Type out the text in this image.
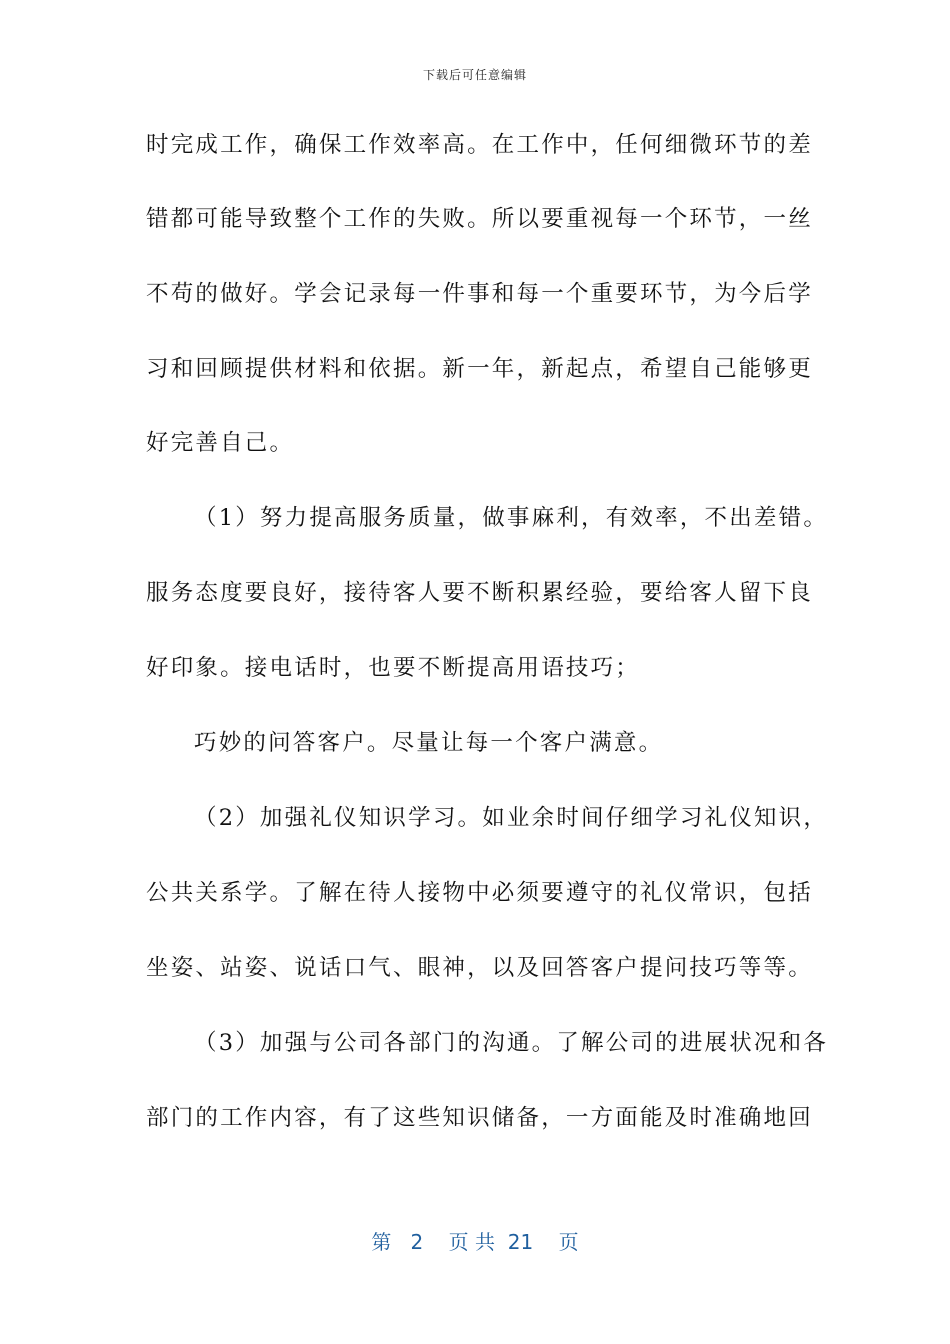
下载后可任意编辑
时完成工作，确保工作效率高。在工作中，任何细微环节的差
错都可能导致整个工作的失败。所以要重视每一个环节，一丝
不苟的做好。学会记录每一件事和每一个重要环节，为今后学
习和回顾提供材料和依据。新一年，新起点，希望自己能够更
好完善自己。
（1）努力提高服务质量，做事麻利，有效率，不出差错。
服务态度要良好，接待客人要不断积累经验，要给客人留下良
好印象。接电话时，也要不断提高用语技巧；
巧妙的问答客户。尽量让每一个客户满意。
（2）加强礼仪知识学习。如业余时间仔细学习礼仪知识，
公共关系学。了解在待人接物中必须要遵守的礼仪常识，包括
坐姿、站姿、说话口气、眼神，以及回答客户提问技巧等等。
（3）加强与公司各部门的沟通。了解公司的进展状况和各
部门的工作内容，有了这些知识储备，一方面能及时准确地回
第 2 页 共 21 页
